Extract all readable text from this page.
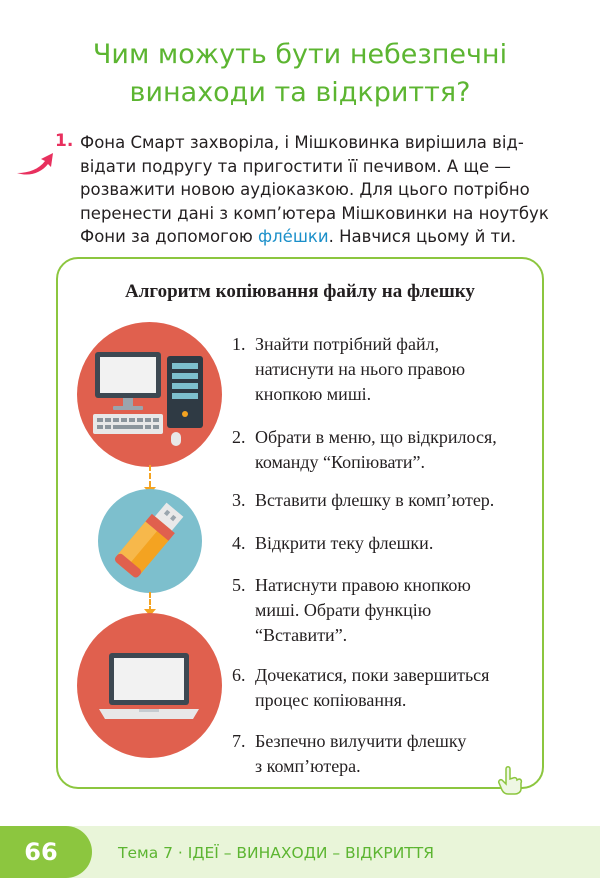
Чим можуть бути небезпечні
винаходи та відкриття?
1. Фона Смарт захворіла, і Мішковинка вирішила від-
відати подругу та пригостити її печивом. А ще —
розважити новою аудіоказкою. Для цього потрібно
перенести дані з комп’ютера Мішковинки на ноутбук
Фони за допомогою фле́шки. Навчися цьому й ти.
Алгоритм копіювання файлу на флешку
1. Знайти потрібний файл,
натиснути на нього правою
кнопкою миші.
2. Обрати в меню, що відкрилося,
команду “Копіювати”.
3. Вставити флешку в комп’ютер.
4. Відкрити теку флешки.
5. Натиснути правою кнопкою
миші. Обрати функцію
“Вставити”.
6. Дочекатися, поки завершиться
процес копіювання.
7. Безпечно вилучити флешку
з комп’ютера.
66	Тема 7 · ІДЕЇ – ВИНАХОДИ – ВІДКРИТТЯ
